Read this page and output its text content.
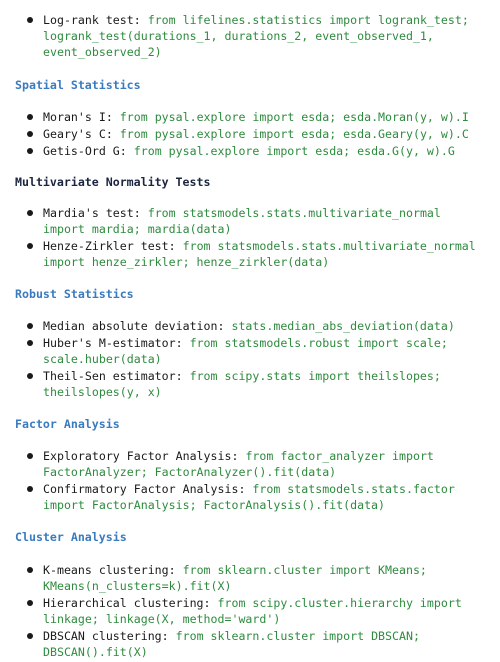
Log-rank test: from lifelines.statistics import logrank_test; logrank_test(durations_1, durations_2, event_observed_1, event_observed_2)
Spatial Statistics
Moran's I: from pysal.explore import esda; esda.Moran(y, w).I
Geary's C: from pysal.explore import esda; esda.Geary(y, w).C
Getis-Ord G: from pysal.explore import esda; esda.G(y, w).G
Multivariate Normality Tests
Mardia's test: from statsmodels.stats.multivariate_normal import mardia; mardia(data)
Henze-Zirkler test: from statsmodels.stats.multivariate_normal import henze_zirkler; henze_zirkler(data)
Robust Statistics
Median absolute deviation: stats.median_abs_deviation(data)
Huber's M-estimator: from statsmodels.robust import scale; scale.huber(data)
Theil-Sen estimator: from scipy.stats import theilslopes; theilslopes(y, x)
Factor Analysis
Exploratory Factor Analysis: from factor_analyzer import FactorAnalyzer; FactorAnalyzer().fit(data)
Confirmatory Factor Analysis: from statsmodels.stats.factor import FactorAnalysis; FactorAnalysis().fit(data)
Cluster Analysis
K-means clustering: from sklearn.cluster import KMeans; KMeans(n_clusters=k).fit(X)
Hierarchical clustering: from scipy.cluster.hierarchy import linkage; linkage(X, method='ward')
DBSCAN clustering: from sklearn.cluster import DBSCAN; DBSCAN().fit(X)
